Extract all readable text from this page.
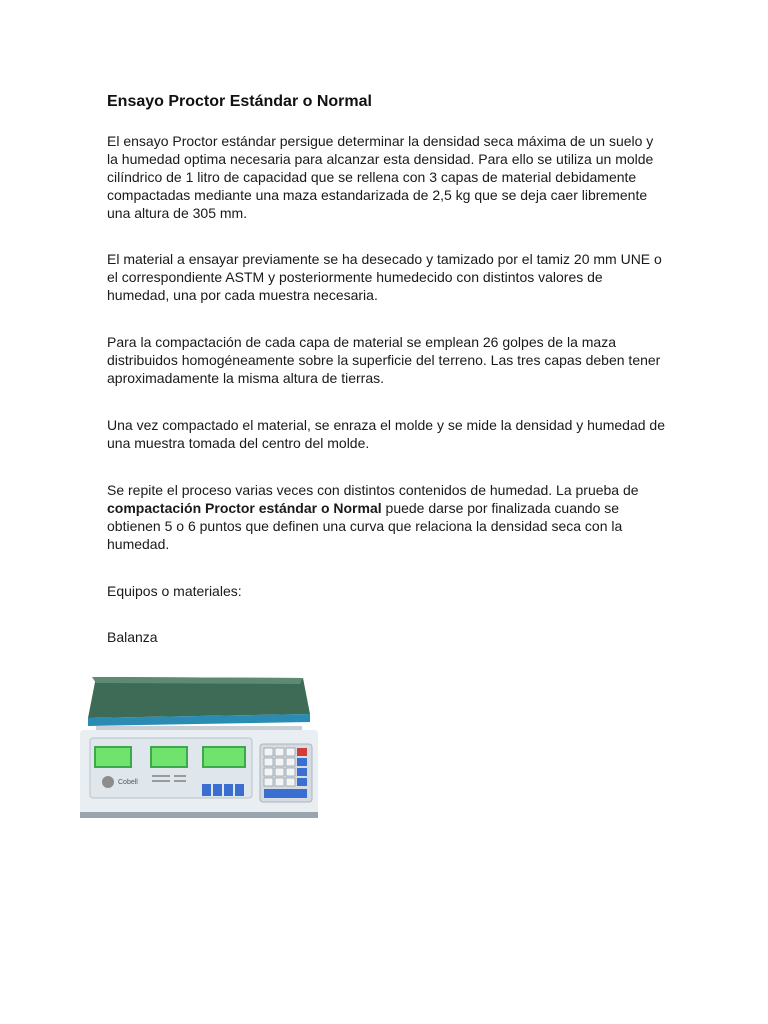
Ensayo Proctor Estándar o Normal

El ensayo Proctor estándar persigue determinar la densidad seca máxima de un suelo y la humedad optima necesaria para alcanzar esta densidad. Para ello se utiliza un molde cilíndrico de 1 litro de capacidad que se rellena con 3 capas de material debidamente compactadas mediante una maza estandarizada de 2,5 kg que se deja caer libremente una altura de 305 mm.

El material a ensayar previamente se ha desecado y tamizado por el tamiz 20 mm UNE o el correspondiente ASTM y posteriormente humedecido con distintos valores de humedad, una por cada muestra necesaria.

Para la compactación de cada capa de material se emplean 26 golpes de la maza distribuidos homogéneamente sobre la superficie del terreno. Las tres capas deben tener aproximadamente la misma altura de tierras.

Una vez compactado el material, se enraza el molde y se mide la densidad y humedad de una muestra tomada del centro del molde.

Se repite el proceso varias veces con distintos contenidos de humedad. La prueba de compactación Proctor estándar o Normal puede darse por finalizada cuando se obtienen 5 o 6 puntos que definen una curva que relaciona la densidad seca con la humedad.

Equipos o materiales:

Balanza

Cobell
